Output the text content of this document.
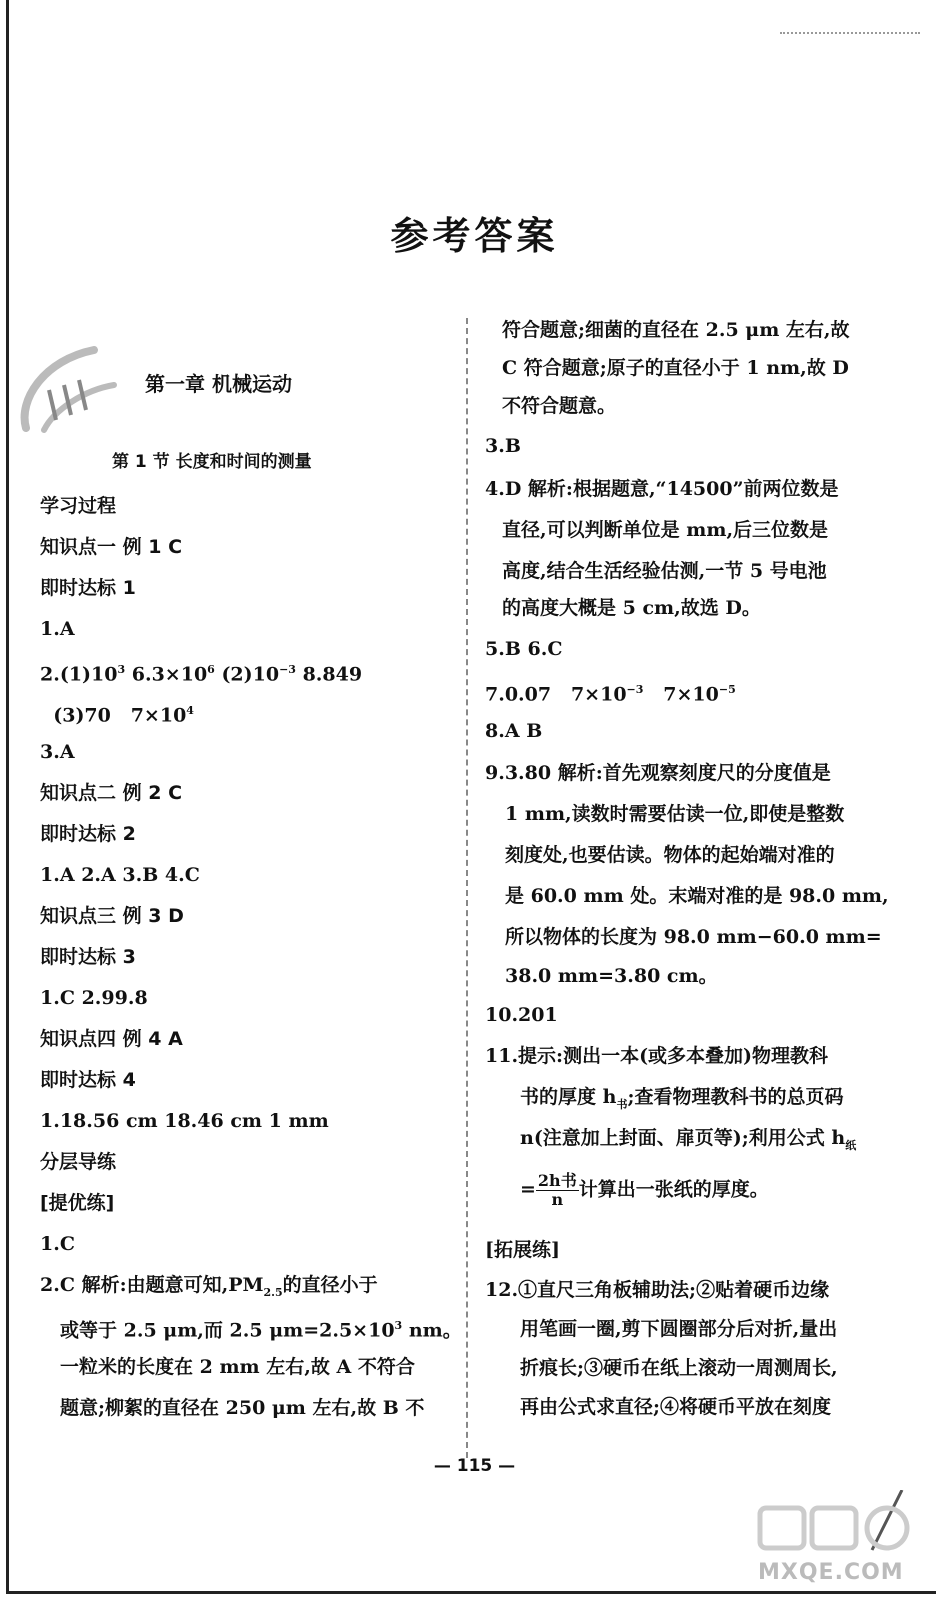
参考答案
第一章 机械运动
第 1 节 长度和时间的测量
学习过程
知识点一 例 1 C
即时达标 1
1.A
$2.(1)10^3$ $6.3\times 10^6$ $(2)10^{-3}$ 8.849
(3)70   $7\times 10^4$
3.A
知识点二 例 2 C
即时达标 2
1.A 2.A 3.B 4.C
知识点三 例 3 D
即时达标 3
1.C 2.99.8
知识点四 例 4 A
即时达标 4
1.18.56 cm 18.46 cm 1 mm
分层导练
[提优练]
1.C
2.C 解析:由题意可知$,PM_{2.5}$的直径小于
或等于 2.5 μm,而 2.5 $\mu m=2.5\times 10^3$ nm。
一粒米的长度在 2 mm 左右,故 A 不符合
题意;柳絮的直径在 250 μm 左右,故 B 不
符合题意;细菌的直径在 2.5 μm 左右,故
C 符合题意;原子的直径小于 1 nm,故 D
不符合题意。
3.B
4.D 解析:根据题意,“14500”前两位数是
直径,可以判断单位是 mm,后三位数是
高度,结合生活经验估测,一节 5 号电池
的高度大概是 5 cm,故选 D。
5.B 6.C
7.0.07   $7\times 10^{-3}$   $7\times 10^{-5}$
8.A B
9.3.80 解析:首先观察刻度尺的分度值是
1 mm,读数时需要估读一位,即使是整数
刻度处,也要估读。物体的起始端对准的
是 60.0 mm 处。末端对准的是 98.0 mm,
所以物体的长度为 98.0 mm−60.0 mm=
38.0 mm=3.80 cm。
10.201
11.提示:测出一本(或多本叠加)物理教科
书的厚度 $h_书$;查看物理教科书的总页码
n(注意加上封面、扉页等);利用公式 $h_纸$
= $\frac{\text{2h书}}{n}$ 计算出一张纸的厚度。
[拓展练]
12.①直尺三角板辅助法;②贴着硬币边缘
用笔画一圈,剪下圆圈部分后对折,量出
折痕长;③硬币在纸上滚动一周测周长,
再由公式求直径;④将硬币平放在刻度
— 115 —
MXQE.COM
